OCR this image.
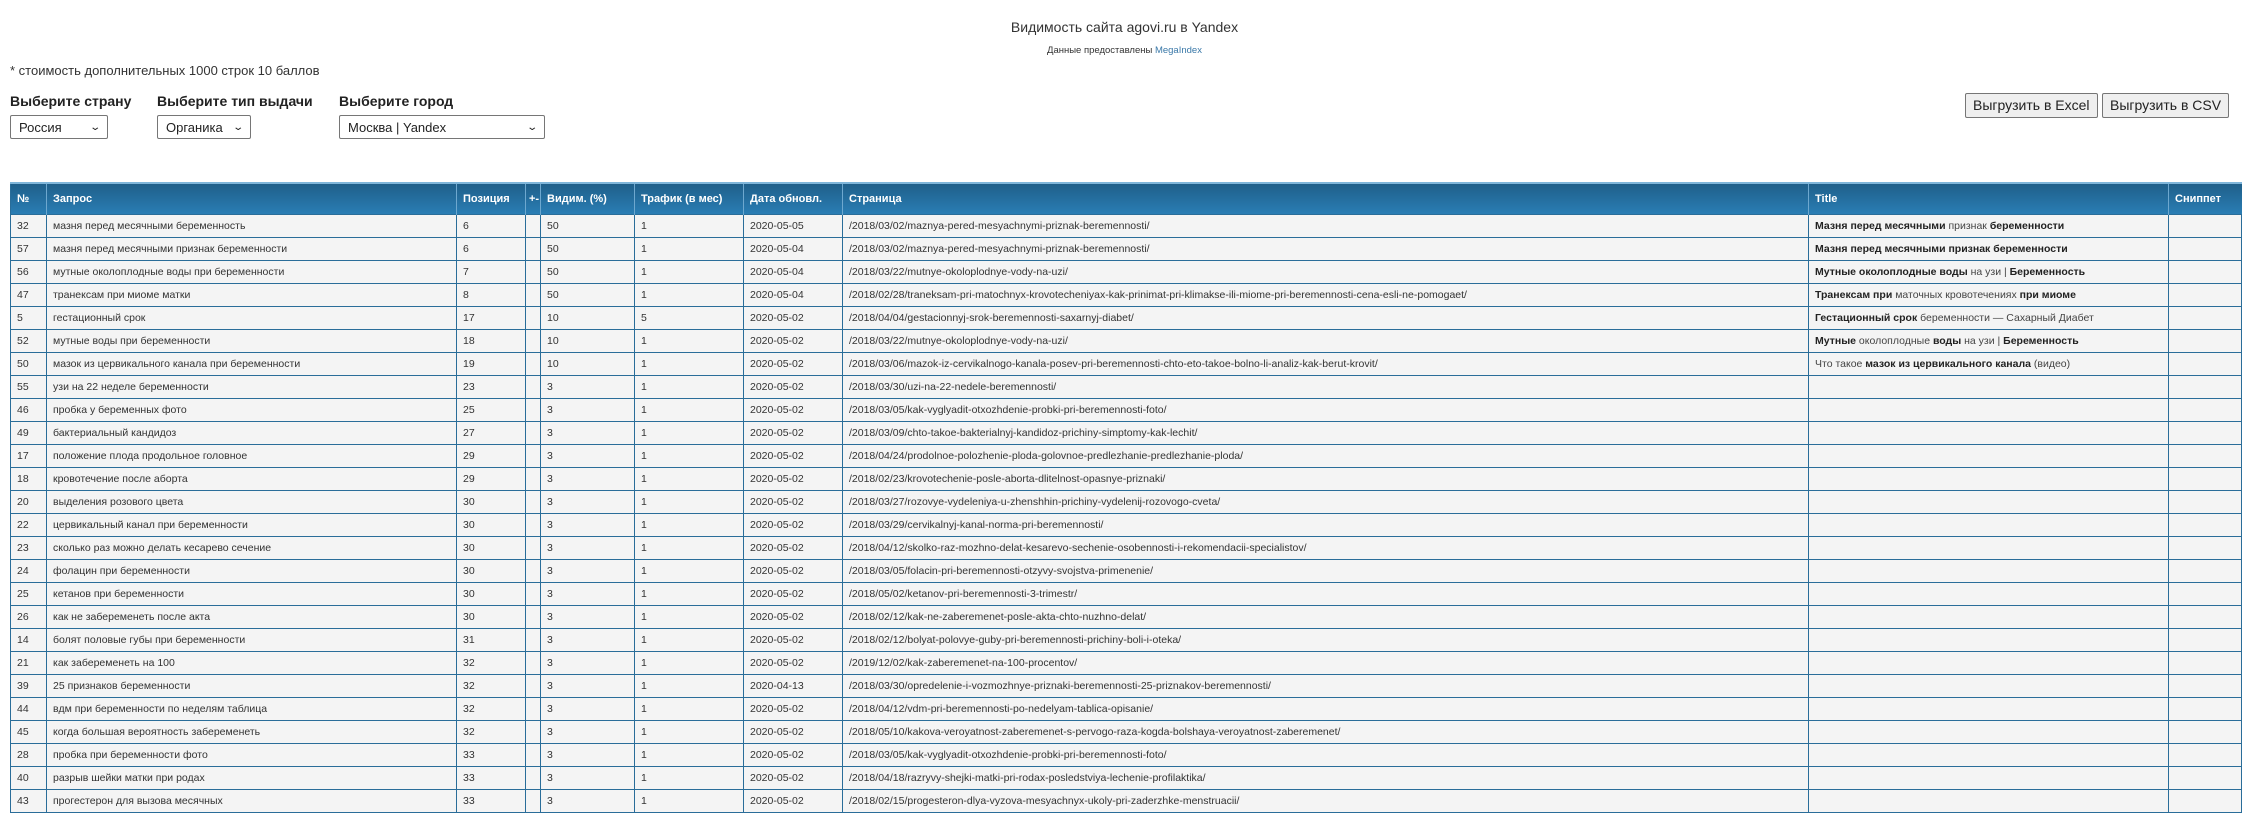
Видимость сайта agovi.ru в Yandex
Данные предоставлены MegaIndex
* стоимость дополнительных 1000 строк 10 баллов
Выберите страну
Россия	⌄
Выберите тип выдачи
Органика ⌄
Выберите город
Москва | Yandex	⌄
Выгрузить в Excel	Выгрузить в CSV
№	Запрос	Позиция	+-	Видим. (%)	Трафик (в мес)	Дата обновл.	Страница	Title	Сниппет
32	мазня перед месячными беременность	6		50	1	2020-05-05	/2018/03/02/maznya-pered-mesyachnymi-priznak-beremennosti/	Мазня перед месячными признак беременности	
57	мазня перед месячными признак беременности	6		50	1	2020-05-04	/2018/03/02/maznya-pered-mesyachnymi-priznak-beremennosti/	Мазня перед месячными признак беременности	
56	мутные околоплодные воды при беременности	7		50	1	2020-05-04	/2018/03/22/mutnye-okoloplodnye-vody-na-uzi/	Мутные околоплодные воды на узи | Беременность	
47	транексам при миоме матки	8		50	1	2020-05-04	/2018/02/28/traneksam-pri-matochnyx-krovotecheniyax-kak-prinimat-pri-klimakse-ili-miome-pri-beremennosti-cena-esli-ne-pomogaet/	Транексам при маточных кровотечениях при миоме	
5	гестационный срок	17		10	5	2020-05-02	/2018/04/04/gestacionnyj-srok-beremennosti-saxarnyj-diabet/	Гестационный срок беременности — Сахарный Диабет	
52	мутные воды при беременности	18		10	1	2020-05-02	/2018/03/22/mutnye-okoloplodnye-vody-na-uzi/	Мутные околоплодные воды на узи | Беременность	
50	мазок из цервикального канала при беременности	19		10	1	2020-05-02	/2018/03/06/mazok-iz-cervikalnogo-kanala-posev-pri-beremennosti-chto-eto-takoe-bolno-li-analiz-kak-berut-krovit/	Что такое мазок из цервикального канала (видео)	
55	узи на 22 неделе беременности	23		3	1	2020-05-02	/2018/03/30/uzi-na-22-nedele-beremennosti/		
46	пробка у беременных фото	25		3	1	2020-05-02	/2018/03/05/kak-vyglyadit-otxozhdenie-probki-pri-beremennosti-foto/		
49	бактериальный кандидоз	27		3	1	2020-05-02	/2018/03/09/chto-takoe-bakterialnyj-kandidoz-prichiny-simptomy-kak-lechit/		
17	положение плода продольное головное	29		3	1	2020-05-02	/2018/04/24/prodolnoe-polozhenie-ploda-golovnoe-predlezhanie-predlezhanie-ploda/		
18	кровотечение после аборта	29		3	1	2020-05-02	/2018/02/23/krovotechenie-posle-aborta-dlitelnost-opasnye-priznaki/		
20	выделения розового цвета	30		3	1	2020-05-02	/2018/03/27/rozovye-vydeleniya-u-zhenshhin-prichiny-vydelenij-rozovogo-cveta/		
22	цервикальный канал при беременности	30		3	1	2020-05-02	/2018/03/29/cervikalnyj-kanal-norma-pri-beremennosti/		
23	сколько раз можно делать кесарево сечение	30		3	1	2020-05-02	/2018/04/12/skolko-raz-mozhno-delat-kesarevo-sechenie-osobennosti-i-rekomendacii-specialistov/		
24	фолацин при беременности	30		3	1	2020-05-02	/2018/03/05/folacin-pri-beremennosti-otzyvy-svojstva-primenenie/		
25	кетанов при беременности	30		3	1	2020-05-02	/2018/05/02/ketanov-pri-beremennosti-3-trimestr/		
26	как не забеременеть после акта	30		3	1	2020-05-02	/2018/02/12/kak-ne-zaberemenet-posle-akta-chto-nuzhno-delat/		
14	болят половые губы при беременности	31		3	1	2020-05-02	/2018/02/12/bolyat-polovye-guby-pri-beremennosti-prichiny-boli-i-oteka/		
21	как забеременеть на 100	32		3	1	2020-05-02	/2019/12/02/kak-zaberemenet-na-100-procentov/		
39	25 признаков беременности	32		3	1	2020-04-13	/2018/03/30/opredelenie-i-vozmozhnye-priznaki-beremennosti-25-priznakov-beremennosti/		
44	вдм при беременности по неделям таблица	32		3	1	2020-05-02	/2018/04/12/vdm-pri-beremennosti-po-nedelyam-tablica-opisanie/		
45	когда большая вероятность забеременеть	32		3	1	2020-05-02	/2018/05/10/kakova-veroyatnost-zaberemenet-s-pervogo-raza-kogda-bolshaya-veroyatnost-zaberemenet/		
28	пробка при беременности фото	33		3	1	2020-05-02	/2018/03/05/kak-vyglyadit-otxozhdenie-probki-pri-beremennosti-foto/		
40	разрыв шейки матки при родах	33		3	1	2020-05-02	/2018/04/18/razryvy-shejki-matki-pri-rodax-posledstviya-lechenie-profilaktika/		
43	прогестерон для вызова месячных	33		3	1	2020-05-02	/2018/02/15/progesteron-dlya-vyzova-mesyachnyx-ukoly-pri-zaderzhke-menstruacii/		
